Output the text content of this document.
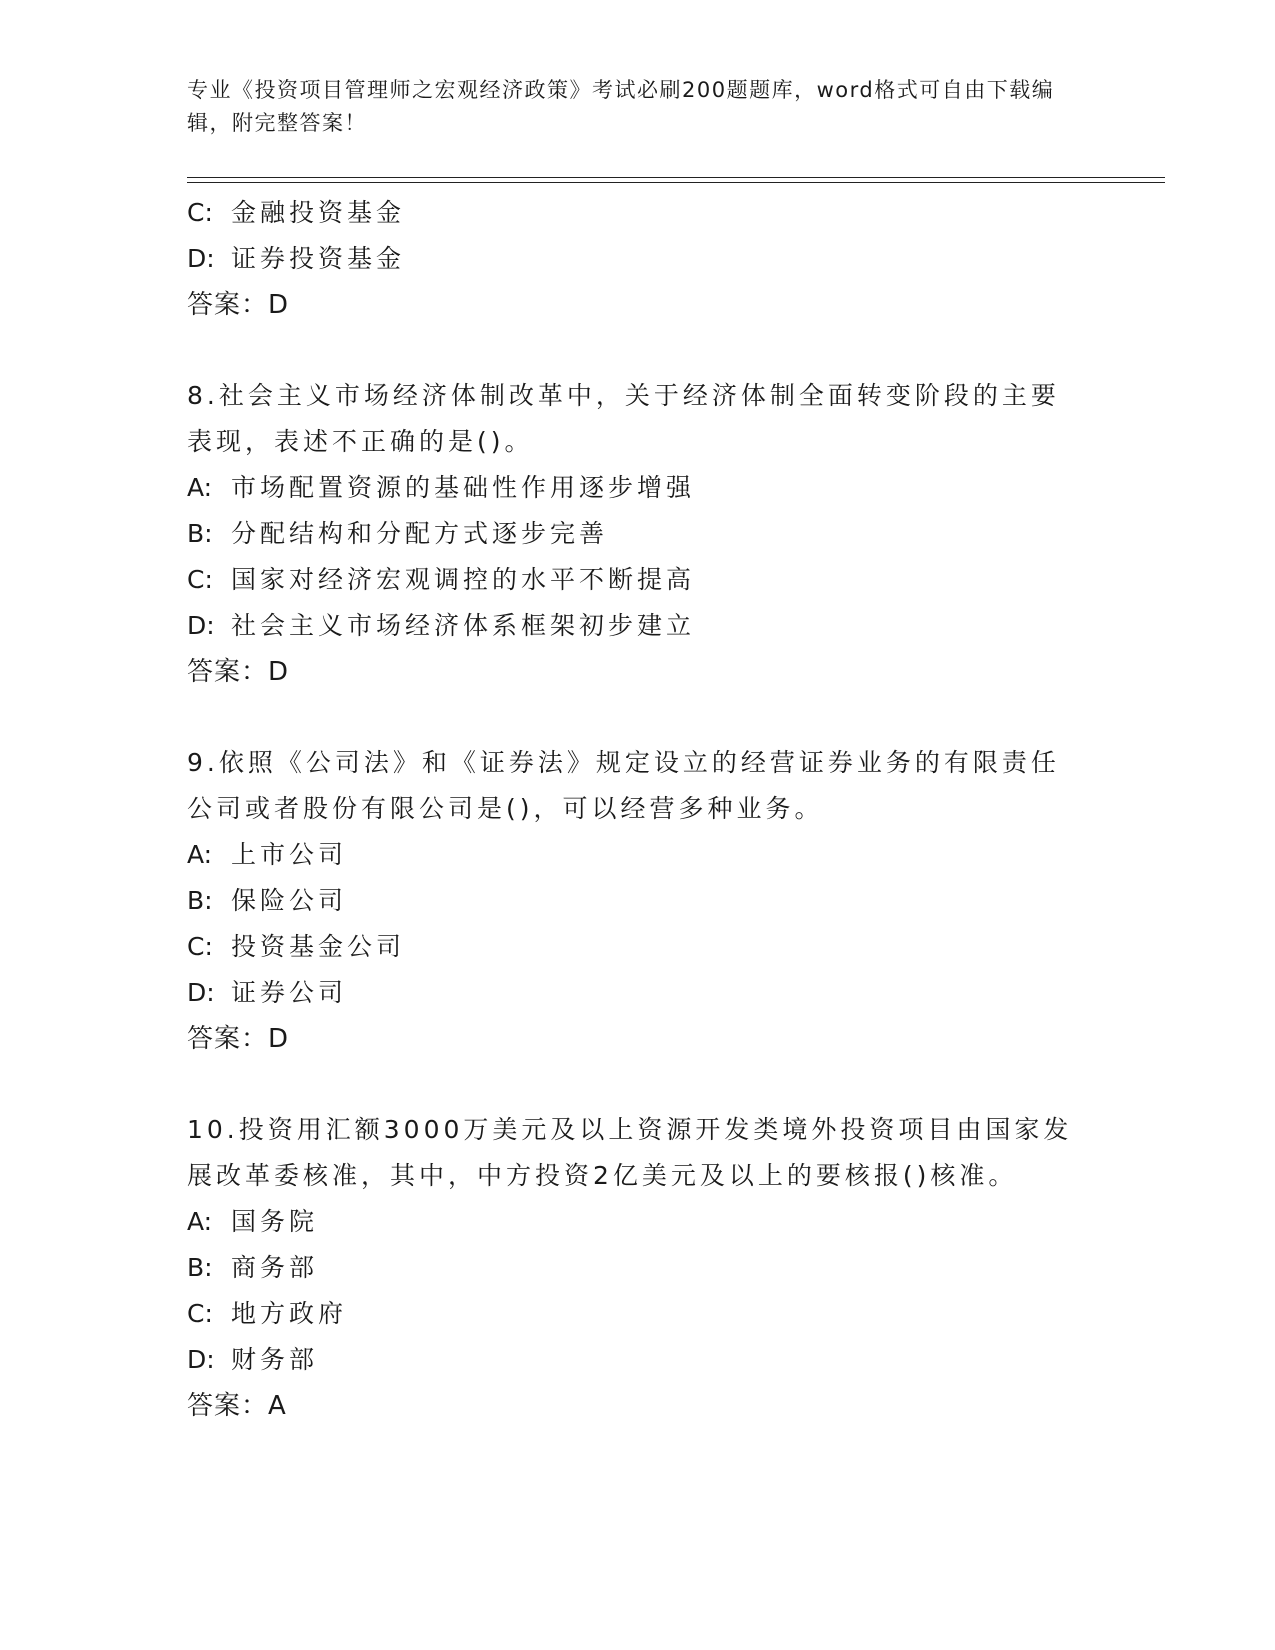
专业《投资项目管理师之宏观经济政策》考试必刷200题题库，word格式可自由下载编辑，附完整答案！
C: 金融投资基金
D: 证券投资基金
答案：D
8.社会主义市场经济体制改革中，关于经济体制全面转变阶段的主要表现，表述不正确的是()。
A: 市场配置资源的基础性作用逐步增强
B: 分配结构和分配方式逐步完善
C: 国家对经济宏观调控的水平不断提高
D: 社会主义市场经济体系框架初步建立
答案：D
9.依照《公司法》和《证券法》规定设立的经营证券业务的有限责任公司或者股份有限公司是()，可以经营多种业务。
A: 上市公司
B: 保险公司
C: 投资基金公司
D: 证券公司
答案：D
10.投资用汇额3000万美元及以上资源开发类境外投资项目由国家发展改革委核准，其中，中方投资2亿美元及以上的要核报()核准。
A: 国务院
B: 商务部
C: 地方政府
D: 财务部
答案：A
